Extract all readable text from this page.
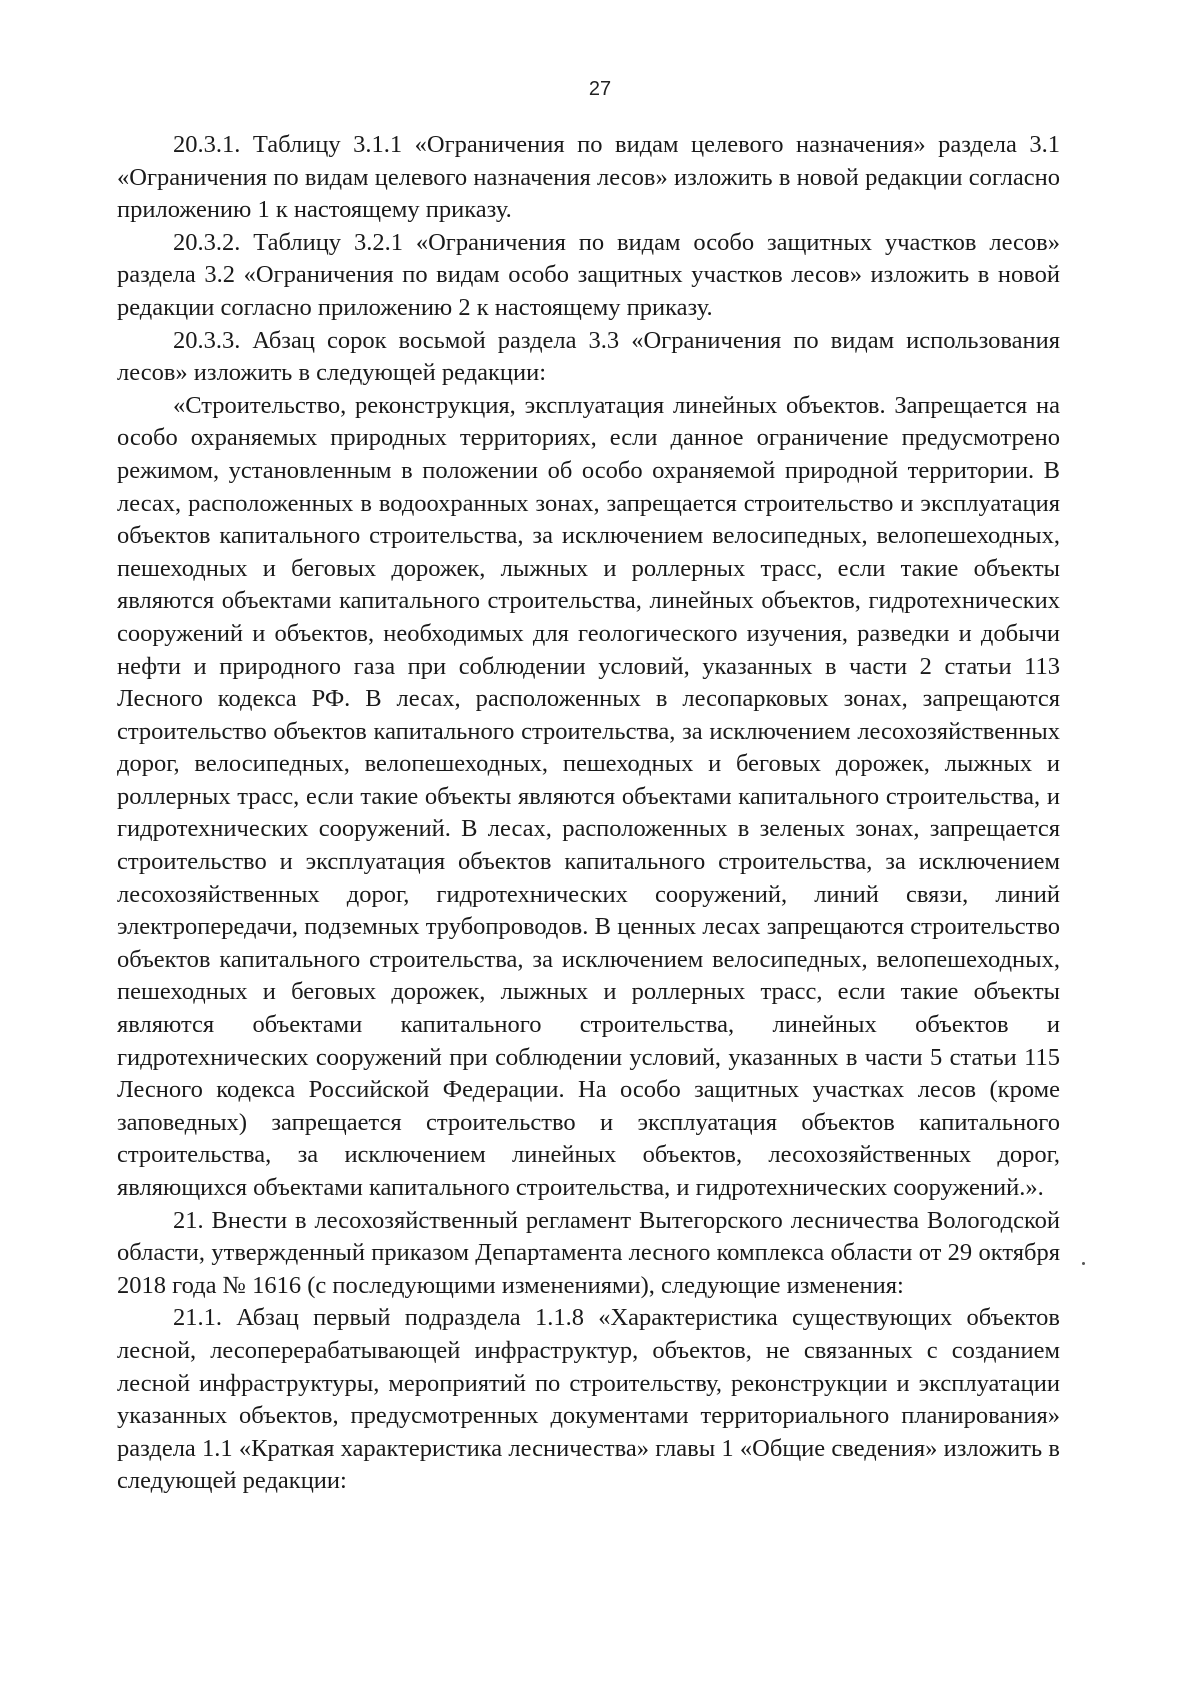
27

20.3.1. Таблицу 3.1.1 «Ограничения по видам целевого назначения» раздела 3.1 «Ограничения по видам целевого назначения лесов» изложить в новой редакции согласно приложению 1 к настоящему приказу.

20.3.2. Таблицу 3.2.1 «Ограничения по видам особо защитных участков лесов» раздела 3.2 «Ограничения по видам особо защитных участков лесов» изложить в новой редакции согласно приложению 2 к настоящему приказу.

20.3.3. Абзац сорок восьмой раздела 3.3 «Ограничения по видам использования лесов» изложить в следующей редакции:

«Строительство, реконструкция, эксплуатация линейных объектов. Запрещается на особо охраняемых природных территориях, если данное ограничение предусмотрено режимом, установленным в положении об особо охраняемой природной территории. В лесах, расположенных в водоохранных зонах, запрещается строительство и эксплуатация объектов капитального строительства, за исключением велосипедных, велопешеходных, пешеходных и беговых дорожек, лыжных и роллерных трасс, если такие объекты являются объектами капитального строительства, линейных объектов, гидротехнических сооружений и объектов, необходимых для геологического изучения, разведки и добычи нефти и природного газа при соблюдении условий, указанных в части 2 статьи 113 Лесного кодекса РФ. В лесах, расположенных в лесопарковых зонах, запрещаются строительство объектов капитального строительства, за исключением лесохозяйственных дорог, велосипедных, велопешеходных, пешеходных и беговых дорожек, лыжных и роллерных трасс, если такие объекты являются объектами капитального строительства, и гидротехнических сооружений. В лесах, расположенных в зеленых зонах, запрещается строительство и эксплуатация объектов капитального строительства, за исключением лесохозяйственных дорог, гидротехнических сооружений, линий связи, линий электропередачи, подземных трубопроводов. В ценных лесах запрещаются строительство объектов капитального строительства, за исключением велосипедных, велопешеходных, пешеходных и беговых дорожек, лыжных и роллерных трасс, если такие объекты являются объектами капитального строительства, линейных объектов и гидротехнических сооружений при соблюдении условий, указанных в части 5 статьи 115 Лесного кодекса Российской Федерации. На особо защитных участках лесов (кроме заповедных) запрещается строительство и эксплуатация объектов капитального строительства, за исключением линейных объектов, лесохозяйственных дорог, являющихся объектами капитального строительства, и гидротехнических сооружений.».

21. Внести в лесохозяйственный регламент Вытегорского лесничества Вологодской области, утвержденный приказом Департамента лесного комплекса области от 29 октября 2018 года № 1616 (с последующими изменениями), следующие изменения:

21.1. Абзац первый подраздела 1.1.8 «Характеристика существующих объектов лесной, лесоперерабатывающей инфраструктур, объектов, не связанных с созданием лесной инфраструктуры, мероприятий по строительству, реконструкции и эксплуатации указанных объектов, предусмотренных документами территориального планирования» раздела 1.1 «Краткая характеристика лесничества» главы 1 «Общие сведения» изложить в следующей редакции:
